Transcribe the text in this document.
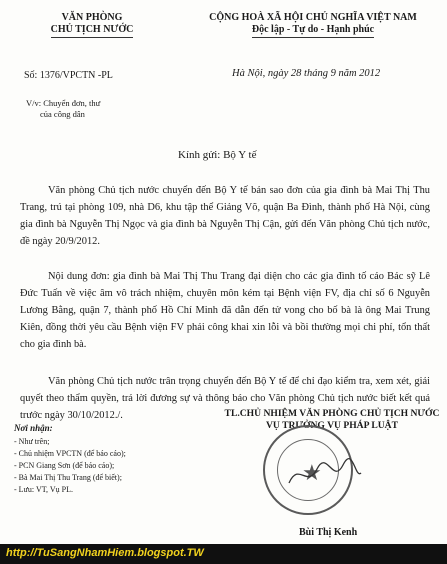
VĂN PHÒNG
CHỦ TỊCH NƯỚC
Số: 1376/VPCTN -PL
CỘNG HOÀ XÃ HỘI CHỦ NGHĨA VIỆT NAM
Độc lập - Tự do - Hạnh phúc
Hà Nội, ngày 28 tháng 9 năm 2012
V/v: Chuyển đơn, thư
của công dân
Kính gửi: Bộ Y tế
Văn phòng Chủ tịch nước chuyển đến Bộ Y tế bản sao đơn của gia đình bà Mai Thị Thu Trang, trú tại phòng 109, nhà D6, khu tập thể Giảng Võ, quận Ba Đình, thành phố Hà Nội, cùng gia đình bà Nguyễn Thị Ngọc và gia đình bà Nguyễn Thị Cận, gửi đến Văn phòng Chủ tịch nước, đề ngày 20/9/2012.
Nội dung đơn: gia đình bà Mai Thị Thu Trang đại diện cho các gia đình tố cáo Bác sỹ Lê Đức Tuấn về việc âm vô trách nhiệm, chuyên môn kém tại Bệnh viện FV, địa chỉ số 6 Nguyễn Lương Bằng, quận 7, thành phố Hồ Chí Minh đã dẫn đến tử vong cho bố bà là ông Mai Trung Kiên, đồng thời yêu cầu Bệnh viện FV phải công khai xin lỗi và bồi thường mọi chi phí, tổn thất cho gia đình bà.
Văn phòng Chủ tịch nước trân trọng chuyển đến Bộ Y tế để chỉ đạo kiểm tra, xem xét, giải quyết theo thẩm quyền, trả lời đương sự và thông báo cho Văn phòng Chủ tịch nước biết kết quả trước ngày 30/10/2012./.	TL.CHỦ NHIỆM VĂN PHÒNG CHỦ TỊCH NƯỚC
VỤ TRƯỞNG VỤ PHÁP LUẬT
★
Bùi Thị Kenh
Nơi nhận:
- Như trên;
- Chủ nhiệm VPCTN (để báo cáo);
- PCN Giang Sơn (để báo cáo);
- Bà Mai Thị Thu Trang (để biết);
- Lưu: VT, Vụ PL.
http://TuSangNhamHiem.blogspot.TW
